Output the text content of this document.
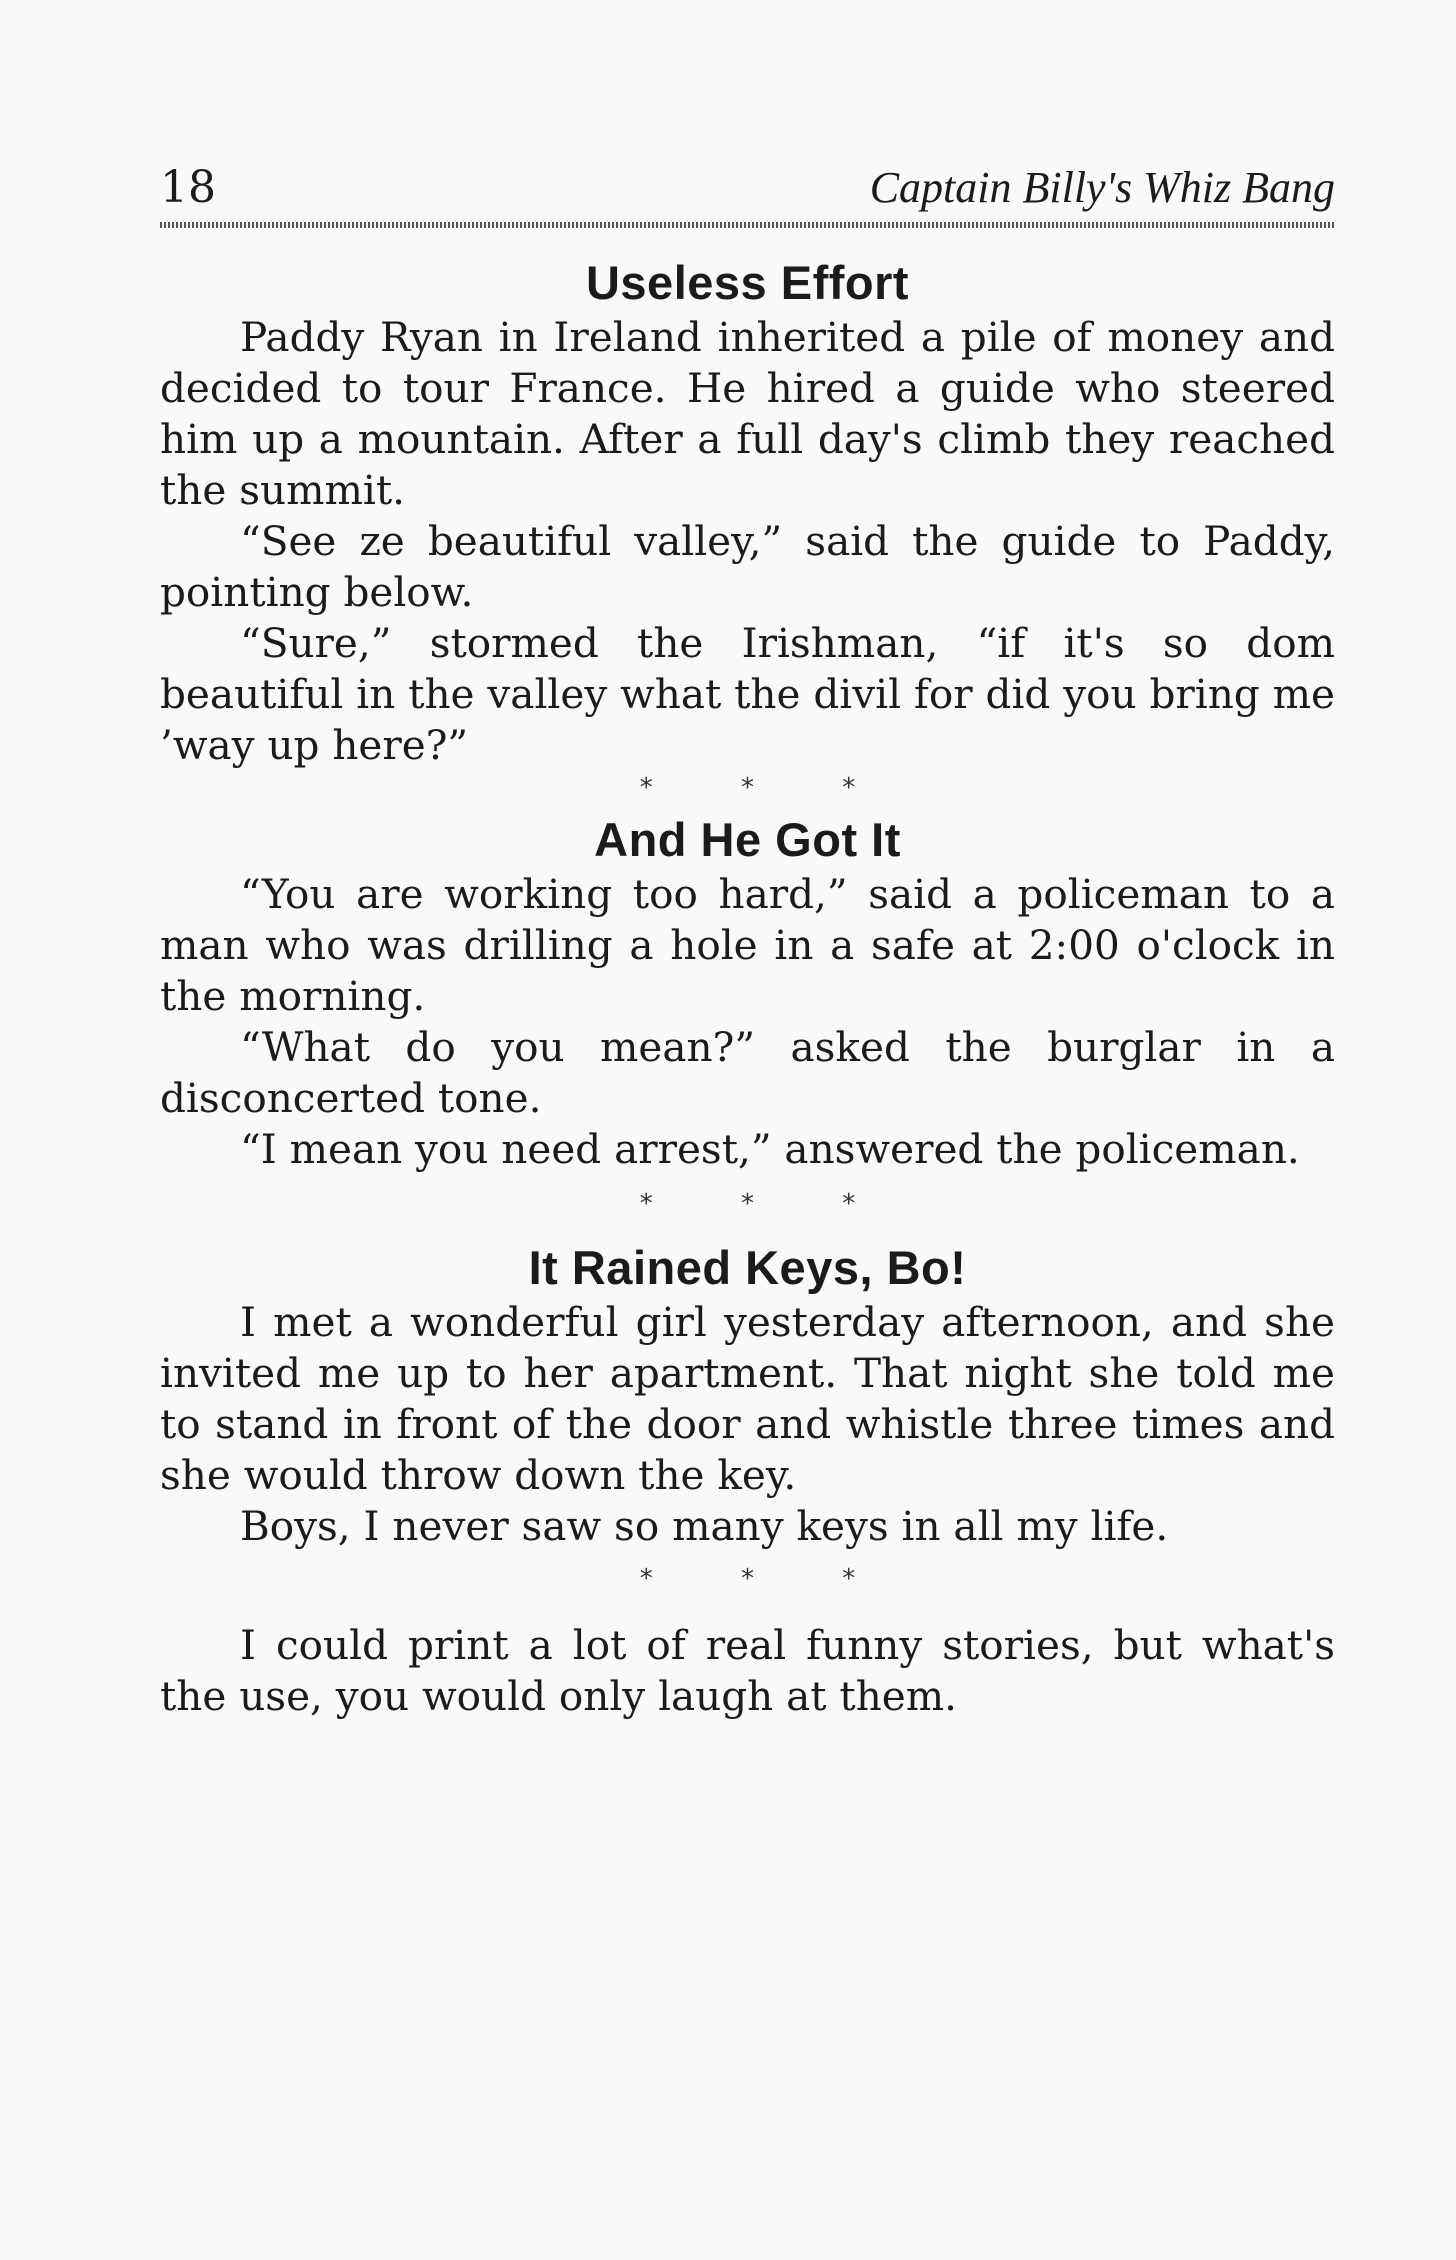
18	Captain Billy's Whiz Bang
Useless Effort

Paddy Ryan in Ireland inherited a pile of money and decided to tour France. He hired a guide who steered him up a mountain. After a full day's climb they reached the summit.

“See ze beautiful valley,” said the guide to Paddy, pointing below.

“Sure,” stormed the Irishman, “if it's so dom beautiful in the valley what the divil for did you bring me ’way up here?”

* * *
And He Got It

“You are working too hard,” said a policeman to a man who was drilling a hole in a safe at 2:00 o'clock in the morning.

“What do you mean?” asked the burglar in a disconcerted tone.

“I mean you need arrest,” answered the policeman.

* * *
It Rained Keys, Bo!

I met a wonderful girl yesterday afternoon, and she invited me up to her apartment. That night she told me to stand in front of the door and whistle three times and she would throw down the key.

Boys, I never saw so many keys in all my life.

* * *

I could print a lot of real funny stories, but what's the use, you would only laugh at them.
